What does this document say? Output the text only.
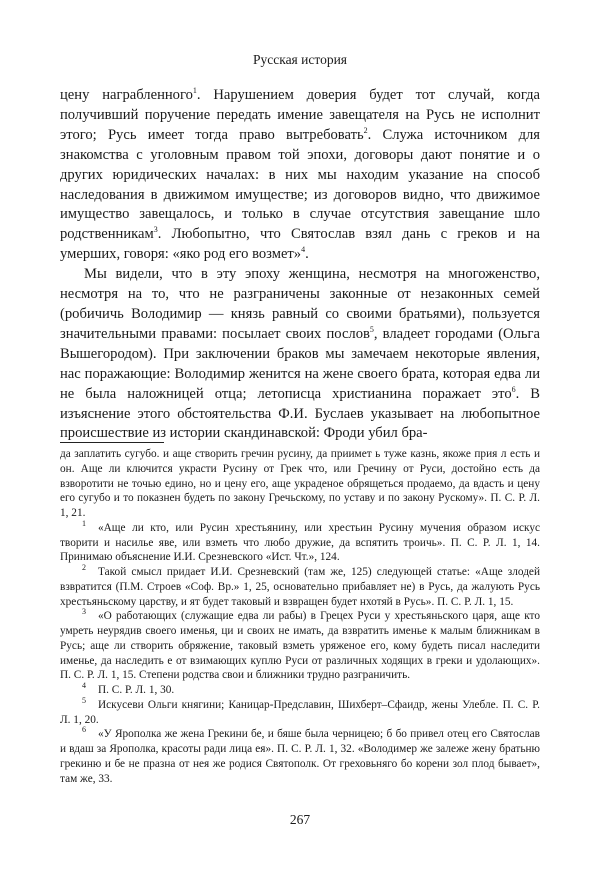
Русская история

цену награбленного$^1$. Нарушением доверия будет тот случай, когда получивший поручение передать имение завещателя на Русь не исполнит этого; Русь имеет тогда право вытребовать$^2$. Служа источником для знакомства с уголовным правом той эпохи, договоры дают понятие и о других юридических началах: в них мы находим указание на способ наследования в движимом имуществе; из договоров видно, что движимое имущество завещалось, и только в случае отсутствия завещание шло родственникам$^3$. Любопытно, что Святослав взял дань с греков и на умерших, говоря: «яко род его возмет»$^4$.

Мы видели, что в эту эпоху женщина, несмотря на многоженство, несмотря на то, что не разграничены законные от незаконных семей (робичичь Володимир — князь равный со своими братьями), пользуется значительными правами: посылает своих послов$^5$, владеет городами (Ольга Вышегородом). При заключении браков мы замечаем некоторые явления, нас поражающие: Володимир женится на жене своего брата, которая едва ли не была наложницей отца; летописца христианина поражает это$^6$. В изъяснение этого обстоятельства Ф.И. Буслаев указывает на любопытное происшествие из истории скандинавской: Фроди убил бра-

да заплатить сугубо. и аще створить гречин русину, да приимет ь туже казнь, якоже прия л есть и он. Аще ли ключится украсти Русину от Грек что, или Гречину от Руси, достойно есть да взворотити не точью едино, но и цену его, аще украденое обрящеться продаемо, да вдасть и цену его сугубо и то показнен будеть по закону Гречьскому, по уставу и по закону Рускому». П. С. Р. Л. 1, 21.

1 «Аще ли кто, или Русин хрестьянину, или хрестьин Русину мучения образом искус творити и насилье яве, или взметь что любо дружие, да вспятить троичь». П. С. Р. Л. 1, 14. Принимаю объяснение И.И. Срезневского «Ист. Чт.», 124.

2 Такой смысл придает И.И. Срезневский (там же, 125) следующей статье: «Аще злодей взвратится (П.М. Строев «Соф. Вр.» 1, 25, основательно прибавляет не) в Русь, да жалують Русь хрестьяньскому царству, и ят будет таковый и взвращен будет нхотяй в Русь». П. С. Р. Л. 1, 15.

3 «О работающих (служащие едва ли рабы) в Грецех Руси у хрестьяньского царя, аще кто умреть неурядив своего именья, ци и своих не имать, да взвратить именье к малым ближникам в Русь; аще ли створить обряжение, таковый взметь уряженое его, кому будеть писал наследити именье, да наследить е от взимающих куплю Руси от различных ходящих в греки и удолающих». П. С. Р. Л. 1, 15. Степени родства свои и ближники трудно разграничить.

4 П. С. Р. Л. 1, 30.

5 Искусеви Ольги княгини; Каницар-Предславин, Шихберт–Сфаидр, жены Улебле. П. С. Р. Л. 1, 20.

6 «У Ярополка же жена Грекини бе, и бяше была черницею; б бо привел отец его Святослав и вдаш за Ярополка, красоты ради лица ея». П. С. Р. Л. 1, 32. «Володимер же залеже жену братьню грекиню и бе не празна от нея же родися Святополк. От греховьняго бо корени зол плод бывает», там же, 33.

267
